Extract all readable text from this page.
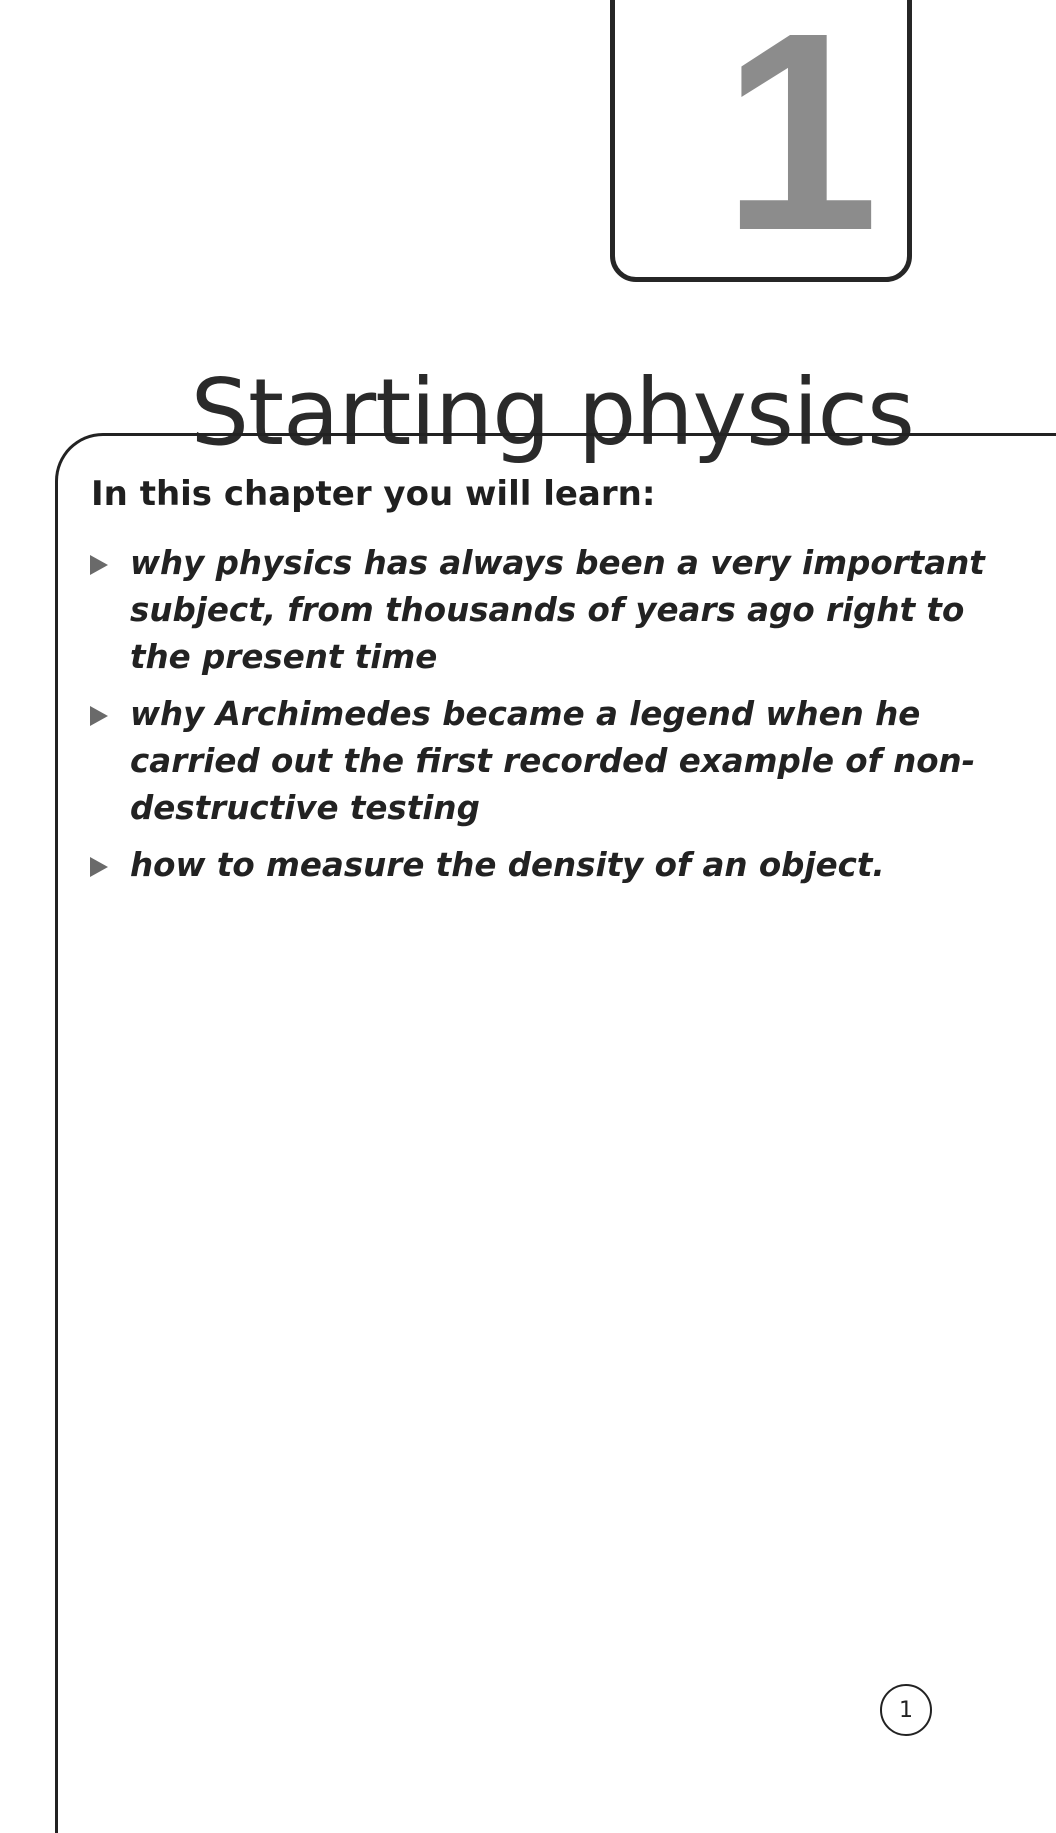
1
Starting physics
In this chapter you will learn:
why physics has always been a very important subject, from thousands of years ago right to the present time
why Archimedes became a legend when he carried out the first recorded example of non-destructive testing
how to measure the density of an object.
1
